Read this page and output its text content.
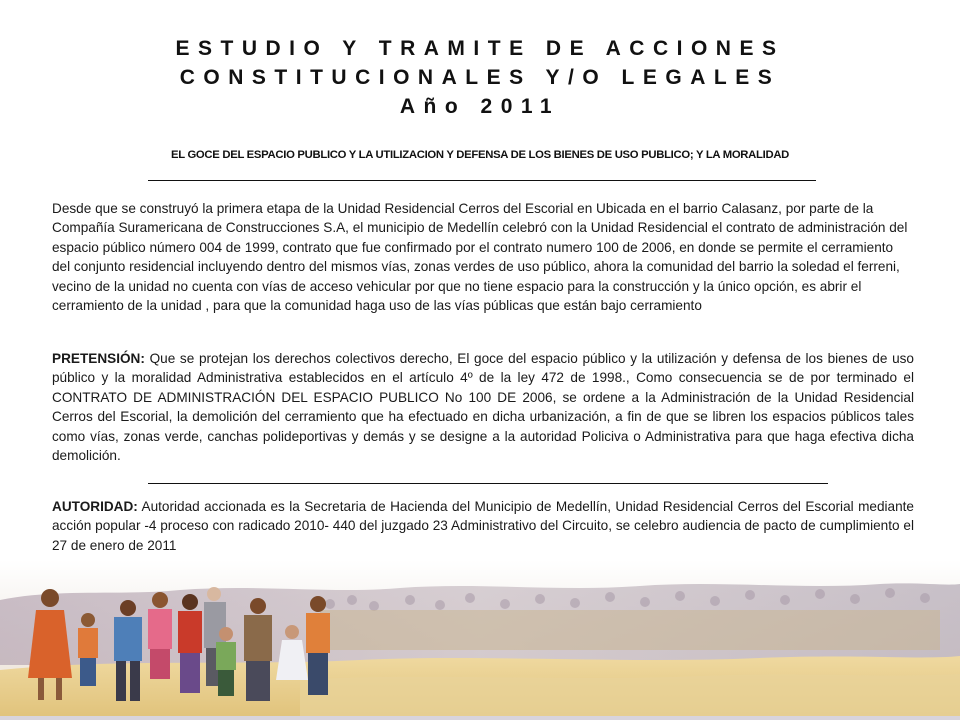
ESTUDIO Y TRAMITE DE ACCIONES
CONSTITUCIONALES Y/O LEGALES
Año 2011
EL GOCE DEL ESPACIO PUBLICO Y LA UTILIZACION Y DEFENSA DE LOS BIENES DE USO PUBLICO; Y LA MORALIDAD
Desde que se construyó la primera etapa de la Unidad Residencial Cerros del Escorial en Ubicada en el barrio Calasanz, por parte de la Compañía Suramericana de Construcciones S.A, el municipio de Medellín celebró con la Unidad Residencial el contrato de administración del espacio público número 004 de 1999, contrato que fue confirmado por el contrato numero 100 de 2006, en donde se permite el cerramiento del conjunto residencial incluyendo dentro del mismos vías, zonas verdes de uso público, ahora la comunidad del barrio la soledad el ferreni, vecino de la unidad no cuenta con vías de acceso vehicular por que no tiene espacio para la construcción y la único opción, es abrir el cerramiento de la unidad , para que la comunidad haga uso de las vías públicas que están bajo cerramiento
PRETENSIÓN: Que se protejan los derechos colectivos derecho, El goce del espacio público y la utilización y defensa de los bienes de uso público y la moralidad Administrativa establecidos en el artículo 4º de la ley 472 de 1998., Como consecuencia se de por terminado el CONTRATO DE ADMINISTRACIÓN DEL ESPACIO PUBLICO No 100 DE 2006, se ordene a la Administración de la Unidad Residencial Cerros del Escorial, la demolición del cerramiento que ha efectuado en dicha urbanización, a fin de que se libren los espacios públicos tales como vías, zonas verde, canchas polideportivas y demás y se designe a la autoridad Policiva o Administrativa para que haga efectiva dicha demolición.
AUTORIDAD: Autoridad accionada es la Secretaria de Hacienda del Municipio de Medellín, Unidad Residencial Cerros del Escorial mediante acción popular -4 proceso con radicado 2010- 440 del juzgado 23 Administrativo del Circuito, se celebro audiencia de pacto de cumplimiento el 27 de enero de 2011
